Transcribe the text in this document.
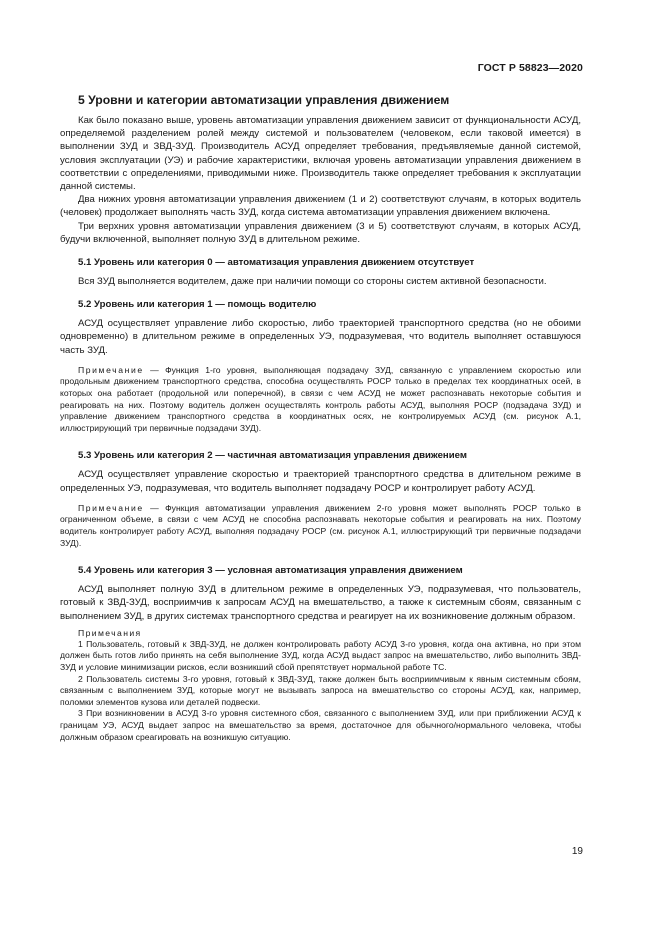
ГОСТ Р 58823—2020
5 Уровни и категории автоматизации управления движением

Как было показано выше, уровень автоматизации управления движением зависит от функциональности АСУД, определяемой разделением ролей между системой и пользователем (человеком, если таковой имеется) в выполнении ЗУД и ЗВД-ЗУД. Производитель АСУД определяет требования, предъявляемые данной системой, условия эксплуатации (УЭ) и рабочие характеристики, включая уровень автоматизации управления движением в соответствии с определениями, приводимыми ниже. Производитель также определяет требования к эксплуатации данной системы.

Два нижних уровня автоматизации управления движением (1 и 2) соответствуют случаям, в которых водитель (человек) продолжает выполнять часть ЗУД, когда система автоматизации управления движением включена.

Три верхних уровня автоматизации управления движением (3 и 5) соответствуют случаям, в которых АСУД, будучи включенной, выполняет полную ЗУД в длительном режиме.

5.1 Уровень или категория 0 — автоматизация управления движением отсутствует

Вся ЗУД выполняется водителем, даже при наличии помощи со стороны систем активной безопасности.

5.2 Уровень или категория 1 — помощь водителю

АСУД осуществляет управление либо скоростью, либо траекторией транспортного средства (но не обоими одновременно) в длительном режиме в определенных УЭ, подразумевая, что водитель выполняет оставшуюся часть ЗУД.

Примечание — Функция 1-го уровня, выполняющая подзадачу ЗУД, связанную с управлением скоростью или продольным движением транспортного средства, способна осуществлять РОСР только в пределах тех координатных осей, в которых она работает (продольной или поперечной), в связи с чем АСУД не может распознавать некоторые события и реагировать на них. Поэтому водитель должен осуществлять контроль работы АСУД, выполняя РОСР (подзадача ЗУД) и управление движением транспортного средства в координатных осях, не контролируемых АСУД (см. рисунок А.1, иллюстрирующий три первичные подзадачи ЗУД).

5.3 Уровень или категория 2 — частичная автоматизация управления движением

АСУД осуществляет управление скоростью и траекторией транспортного средства в длительном режиме в определенных УЭ, подразумевая, что водитель выполняет подзадачу РОСР и контролирует работу АСУД.

Примечание — Функция автоматизации управления движением 2-го уровня может выполнять РОСР только в ограниченном объеме, в связи с чем АСУД не способна распознавать некоторые события и реагировать на них. Поэтому водитель контролирует работу АСУД, выполняя подзадачу РОСР (см. рисунок А.1, иллюстрирующий три первичные подзадачи ЗУД).

5.4 Уровень или категория 3 — условная автоматизация управления движением

АСУД выполняет полную ЗУД в длительном режиме в определенных УЭ, подразумевая, что пользователь, готовый к ЗВД-ЗУД, восприимчив к запросам АСУД на вмешательство, а также к системным сбоям, связанным с выполнением ЗУД, в других системах транспортного средства и реагирует на их возникновение должным образом.

Примечания

1 Пользователь, готовый к ЗВД-ЗУД, не должен контролировать работу АСУД 3-го уровня, когда она активна, но при этом должен быть готов либо принять на себя выполнение ЗУД, когда АСУД выдаст запрос на вмешательство, либо выполнить ЗВД-ЗУД и условие минимизации рисков, если возникший сбой препятствует нормальной работе ТС.

2 Пользователь системы 3-го уровня, готовый к ЗВД-ЗУД, также должен быть восприимчивым к явным системным сбоям, связанным с выполнением ЗУД, которые могут не вызывать запроса на вмешательство со стороны АСУД, как, например, поломки элементов кузова или деталей подвески.

3 При возникновении в АСУД 3-го уровня системного сбоя, связанного с выполнением ЗУД, или при приближении АСУД к границам УЭ, АСУД выдает запрос на вмешательство за время, достаточное для обычного/нормального человека, чтобы должным образом среагировать на возникшую ситуацию.

19
